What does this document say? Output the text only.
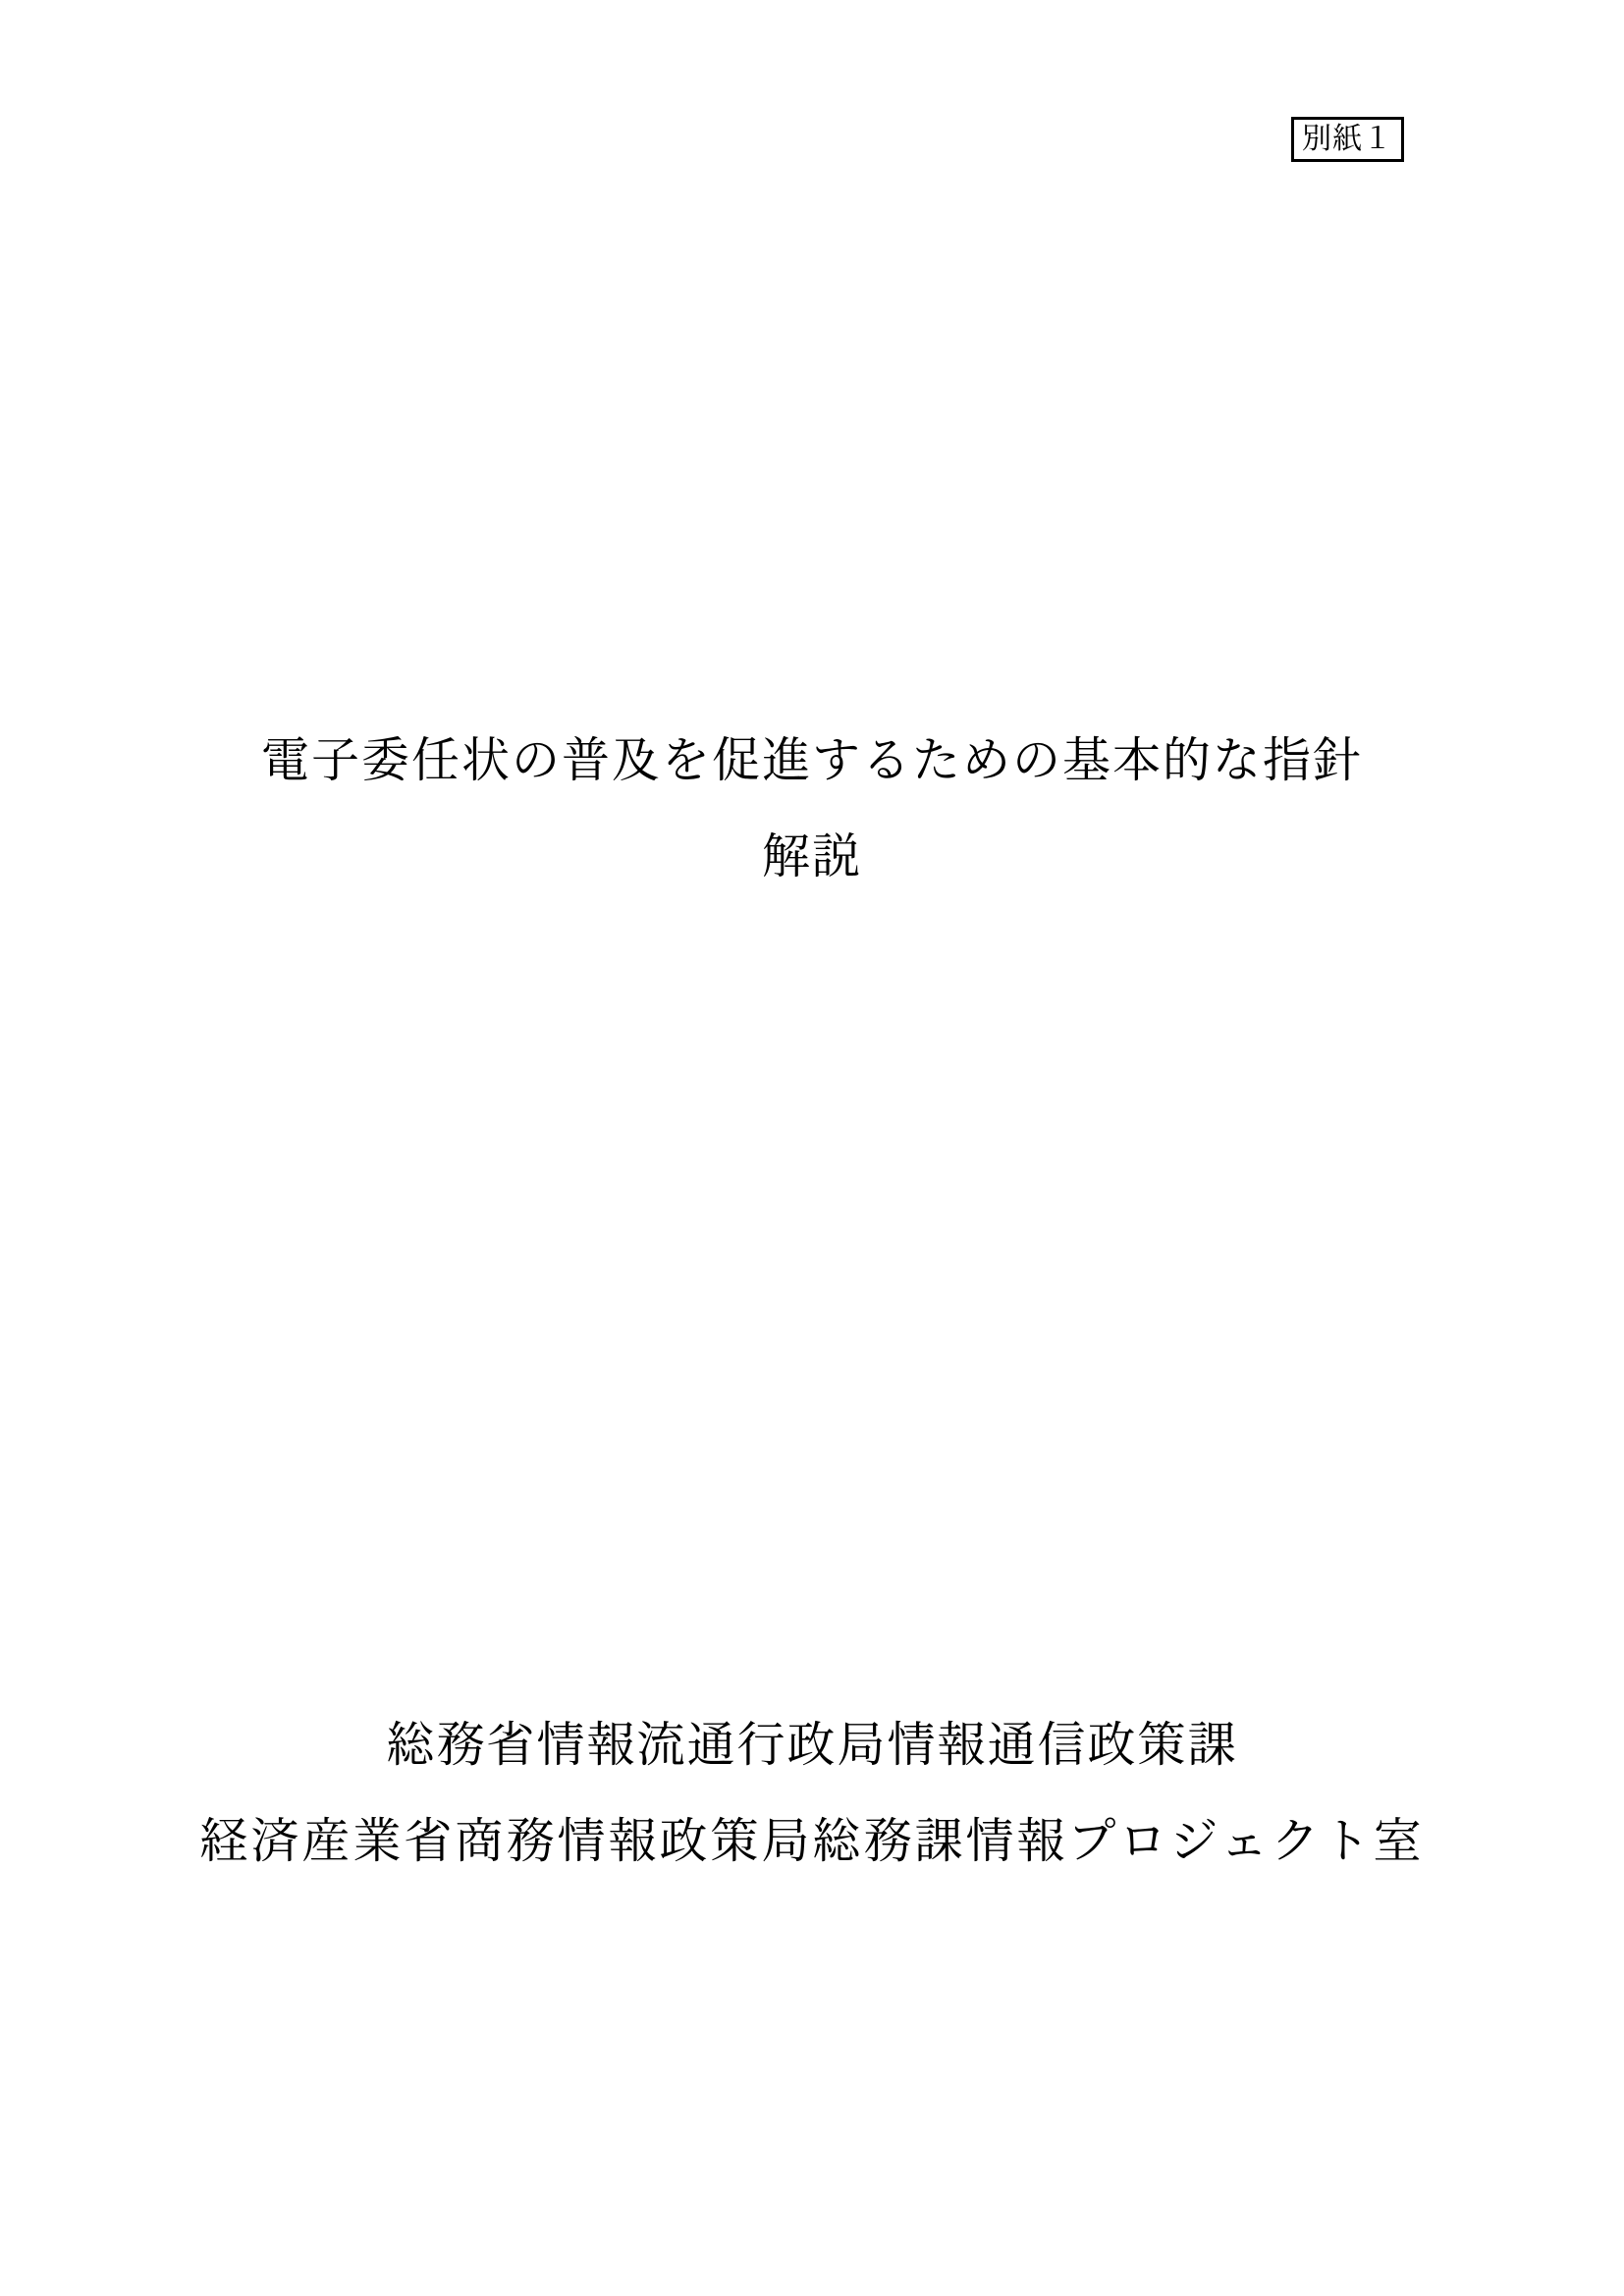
別紙１
電子委任状の普及を促進するための基本的な指針
解説

総務省情報流通行政局情報通信政策課

経済産業省商務情報政策局総務課情報プロジェクト室
